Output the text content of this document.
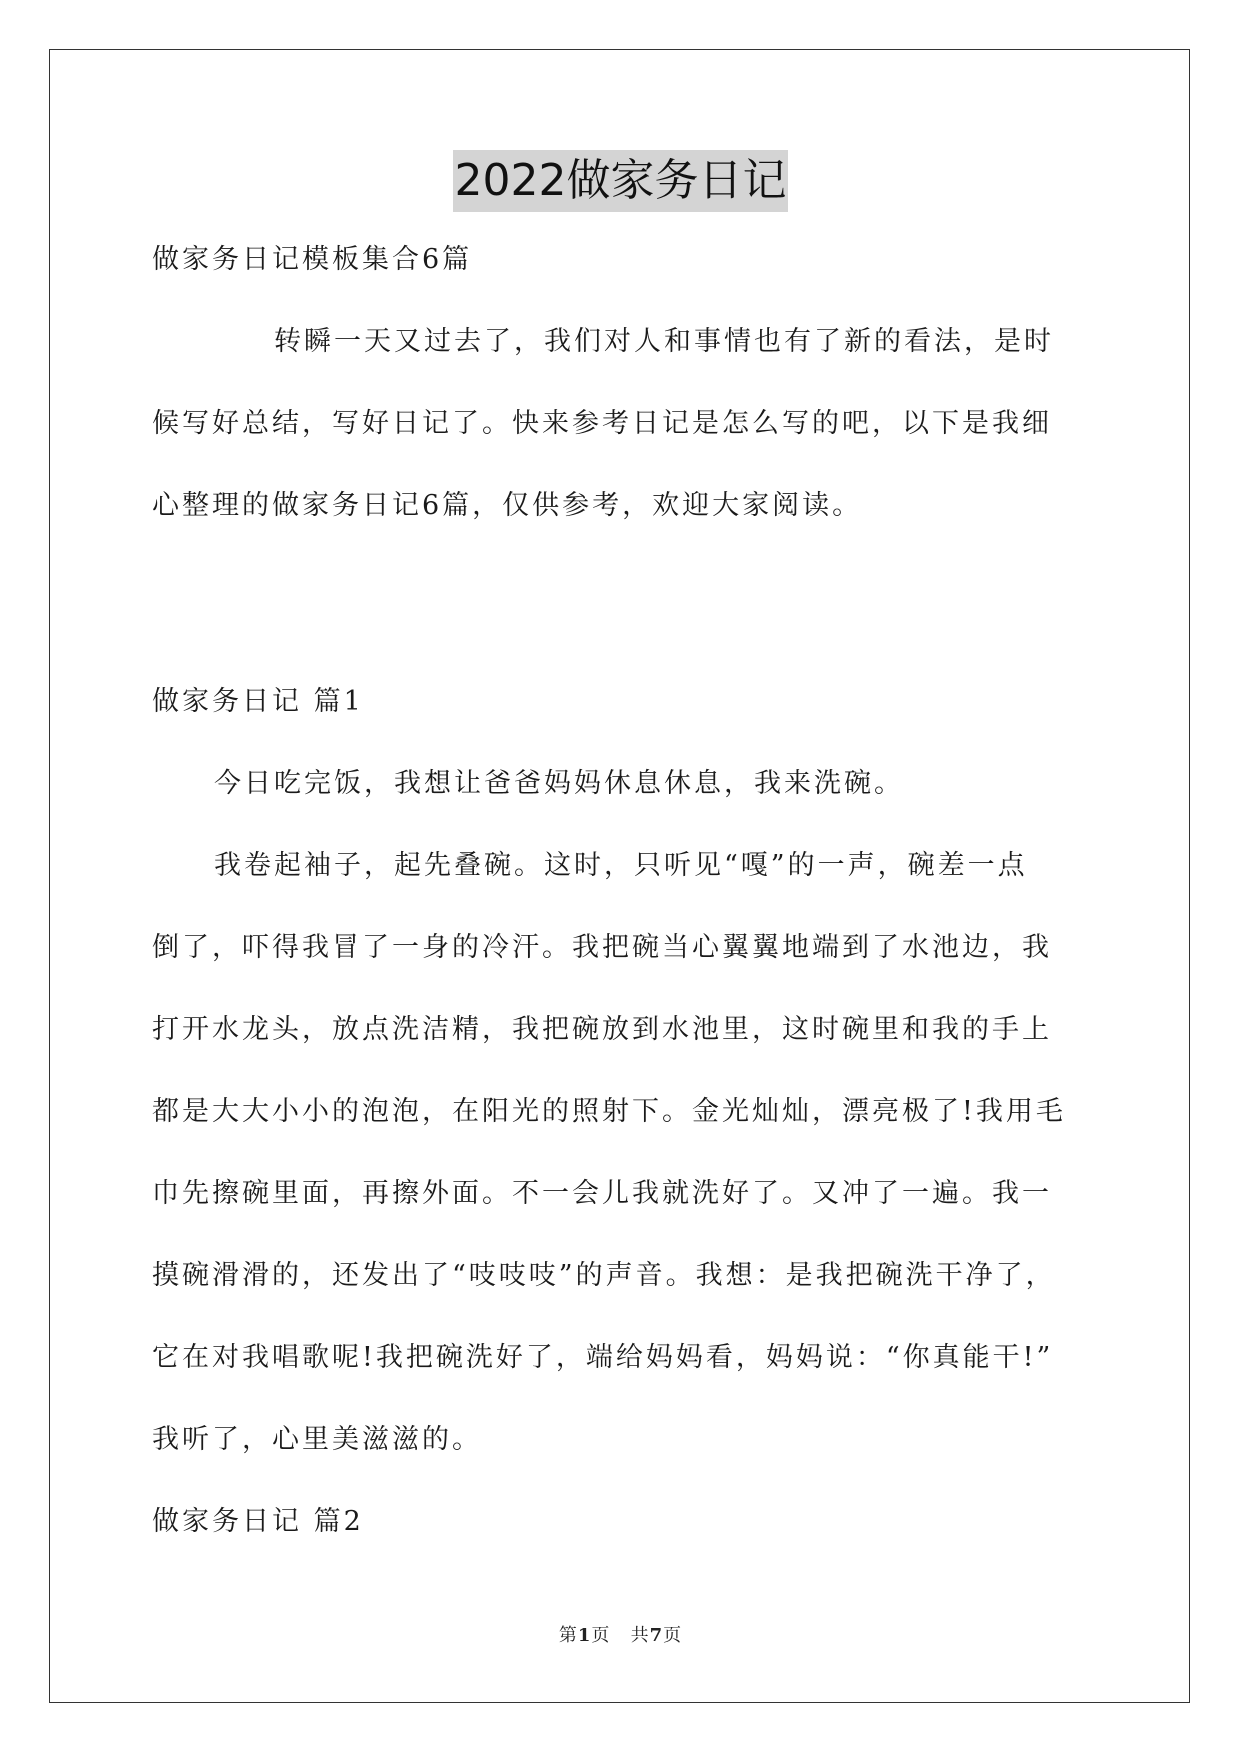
2022做家务日记
做家务日记模板集合6篇
转瞬一天又过去了，我们对人和事情也有了新的看法，是时
候写好总结，写好日记了。快来参考日记是怎么写的吧，以下是我细
心整理的做家务日记6篇，仅供参考，欢迎大家阅读。
做家务日记 篇1
今日吃完饭，我想让爸爸妈妈休息休息，我来洗碗。
我卷起袖子，起先叠碗。这时，只听见“嘎”的一声，碗差一点
倒了，吓得我冒了一身的冷汗。我把碗当心翼翼地端到了水池边，我
打开水龙头，放点洗洁精，我把碗放到水池里，这时碗里和我的手上
都是大大小小的泡泡，在阳光的照射下。金光灿灿，漂亮极了!我用毛
巾先擦碗里面，再擦外面。不一会儿我就洗好了。又冲了一遍。我一
摸碗滑滑的，还发出了“吱吱吱”的声音。我想：是我把碗洗干净了，
它在对我唱歌呢!我把碗洗好了，端给妈妈看，妈妈说：“你真能干!”
我听了，心里美滋滋的。
做家务日记 篇2
第1页 共7页
